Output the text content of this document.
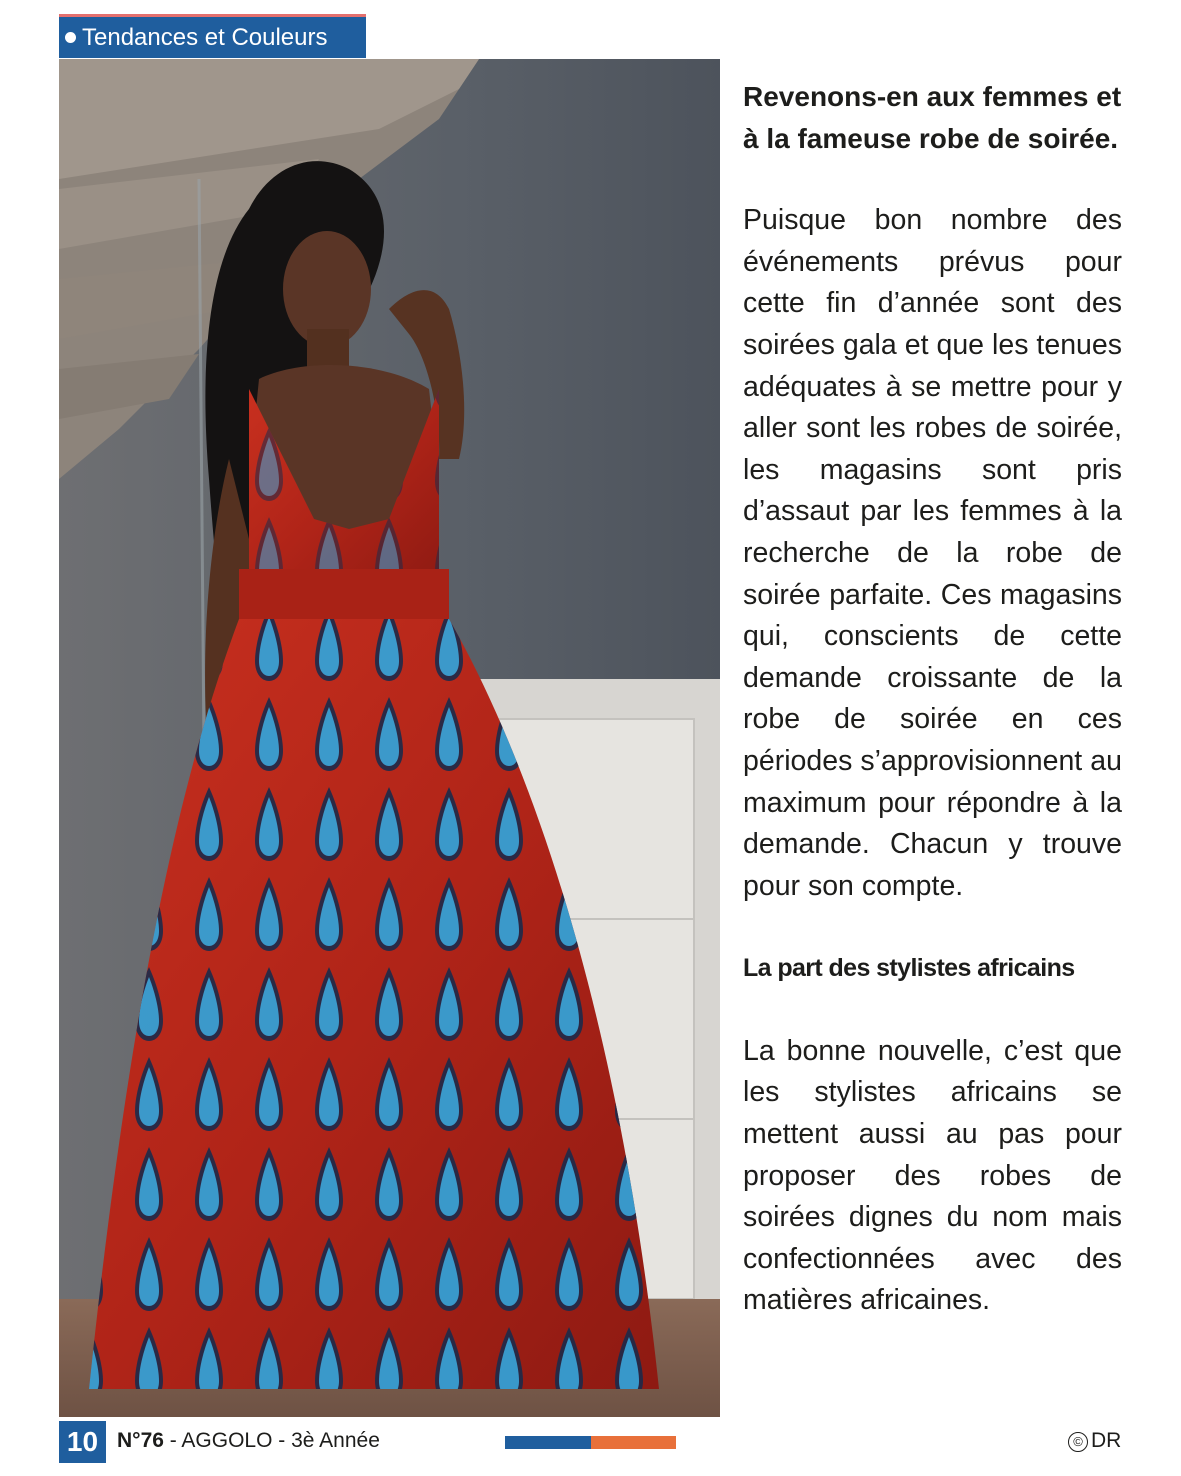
Tendances et Couleurs
Revenons-en aux femmes et à la fameuse robe de soirée.
Puisque bon nombre des événements prévus pour cette fin d’année sont des soirées gala et que les tenues adéquates à se mettre pour y aller sont les robes de soirée, les magasins sont pris d’assaut par les femmes à la recherche de la robe de soirée parfaite. Ces magasins qui, conscients de cette demande croissante de la robe de soirée en ces périodes s’approvisionnent au maximum pour répondre à la demande. Chacun y trouve pour son compte.
La part des stylistes africains
La bonne nouvelle, c’est que les stylistes africains se mettent aussi au pas pour proposer des robes de soirées dignes du nom mais confectionnées avec des matières africaines.
10 N°76 - AGGOLO - 3è Année	© DR
